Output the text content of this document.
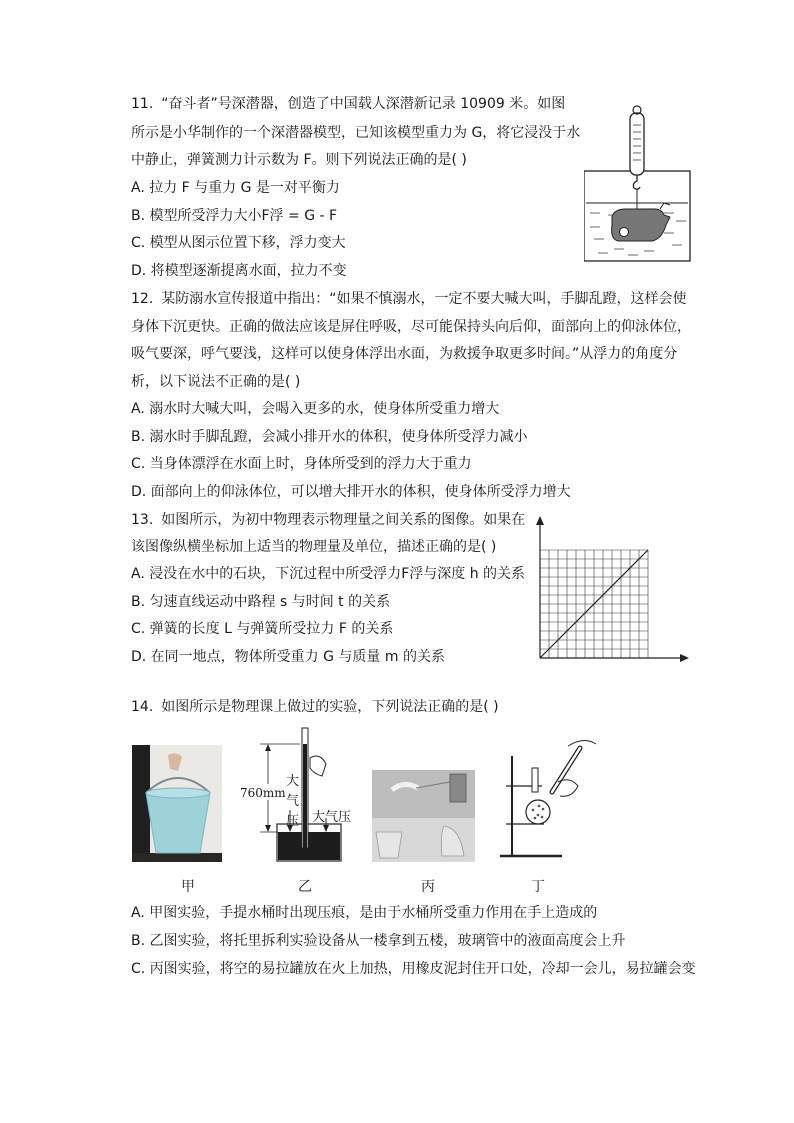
11. “奋斗者”号深潜器，创造了中国载人深潜新记录 10909 米。如图
所示是小华制作的一个深潜器模型，已知该模型重力为 G，将它浸没于水
中静止，弹簧测力计示数为 F。则下列说法正确的是( )
A. 拉力 F 与重力 G 是一对平衡力
B. 模型所受浮力大小F浮 = G - F
C. 模型从图示位置下移，浮力变大
D. 将模型逐渐提离水面，拉力不变
12. 某防溺水宣传报道中指出：“如果不慎溺水，一定不要大喊大叫，手脚乱蹬，这样会使
身体下沉更快。正确的做法应该是屏住呼吸，尽可能保持头向后仰，面部向上的仰泳体位，
吸气要深，呼气要浅，这样可以使身体浮出水面，为救援争取更多时间。”从浮力的角度分
析，以下说法不正确的是( )
A. 溺水时大喊大叫，会喝入更多的水，使身体所受重力增大
B. 溺水时手脚乱蹬，会减小排开水的体积，使身体所受浮力减小
C. 当身体漂浮在水面上时，身体所受到的浮力大于重力
D. 面部向上的仰泳体位，可以增大排开水的体积，使身体所受浮力增大
13. 如图所示，为初中物理表示物理量之间关系的图像。如果在
该图像纵横坐标加上适当的物理量及单位，描述正确的是( )
A. 浸没在水中的石块，下沉过程中所受浮力F浮与深度 h 的关系
B. 匀速直线运动中路程 s 与时间 t 的关系
C. 弹簧的长度 L 与弹簧所受拉力 F 的关系
D. 在同一地点，物体所受重力 G 与质量 m 的关系
14. 如图所示是物理课上做过的实验，下列说法正确的是( )
760mm
大气压 大气压
甲	乙	丙	丁
A. 甲图实验，手提水桶时出现压痕，是由于水桶所受重力作用在手上造成的
B. 乙图实验，将托里拆利实验设备从一楼拿到五楼，玻璃管中的液面高度会上升
C. 丙图实验，将空的易拉罐放在火上加热，用橡皮泥封住开口处，冷却一会儿，易拉罐会变
